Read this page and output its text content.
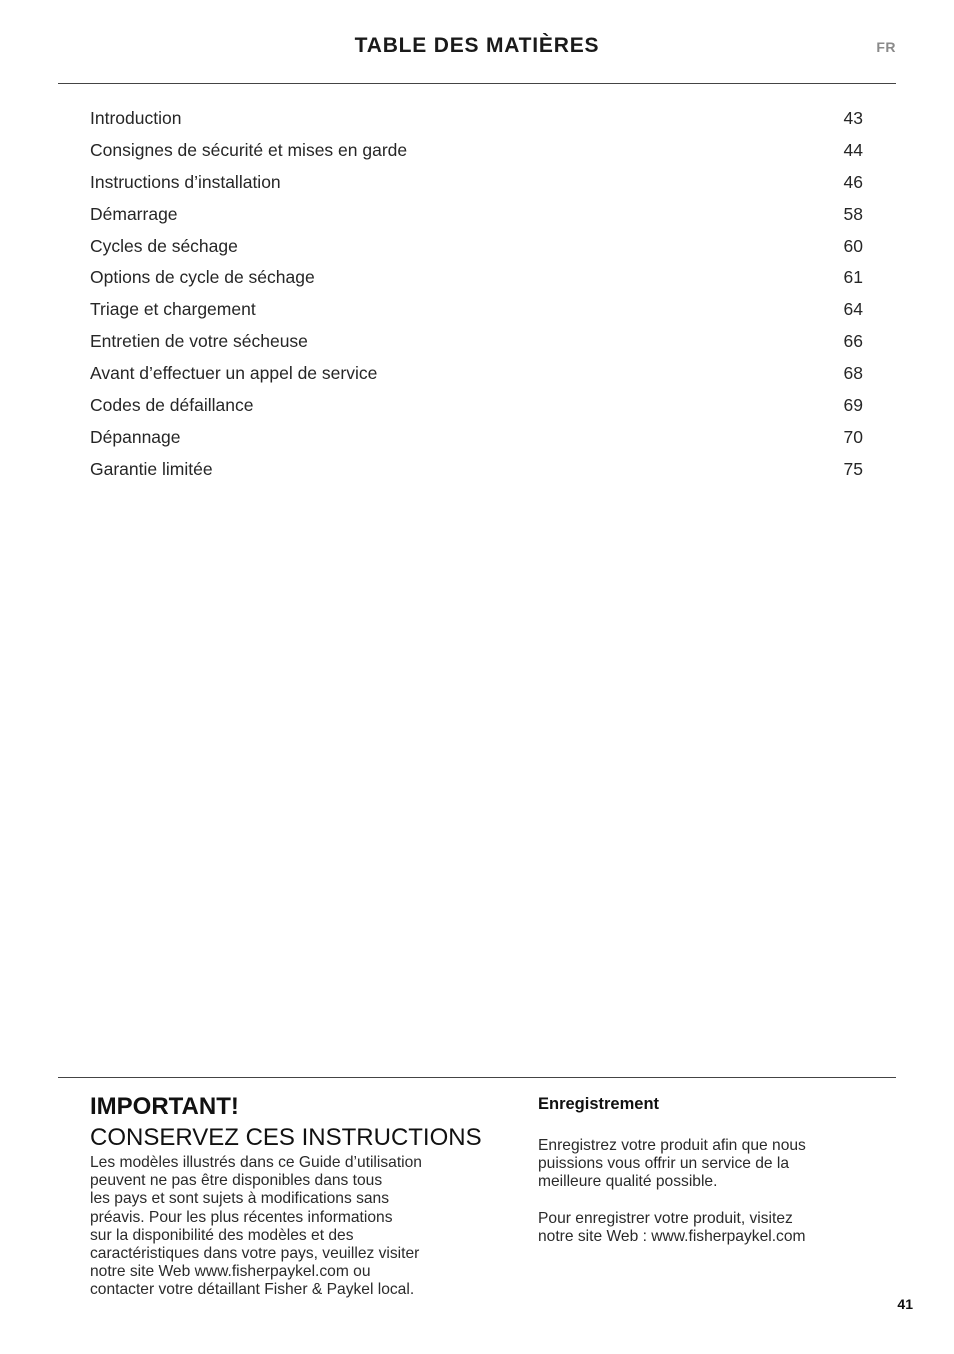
TABLE DES MATIÈRES	FR
Introduction	43
Consignes de sécurité et mises en garde	44
Instructions d’installation	46
Démarrage	58
Cycles de séchage	60
Options de cycle de séchage	61
Triage et chargement	64
Entretien de votre sécheuse	66
Avant d’effectuer un appel de service	68
Codes de défaillance	69
Dépannage	70
Garantie limitée	75
IMPORTANT!
CONSERVEZ CES INSTRUCTIONS
Les modèles illustrés dans ce Guide d’utilisation
peuvent ne pas être disponibles dans tous
les pays et sont sujets à modifications sans
préavis. Pour les plus récentes informations
sur la disponibilité des modèles et des
caractéristiques dans votre pays, veuillez visiter
notre site Web www.fisherpaykel.com ou
contacter votre détaillant Fisher & Paykel local.
Enregistrement
Enregistrez votre produit afin que nous
puissions vous offrir un service de la
meilleure qualité possible.
Pour enregistrer votre produit, visitez
notre site Web : www.fisherpaykel.com
41
